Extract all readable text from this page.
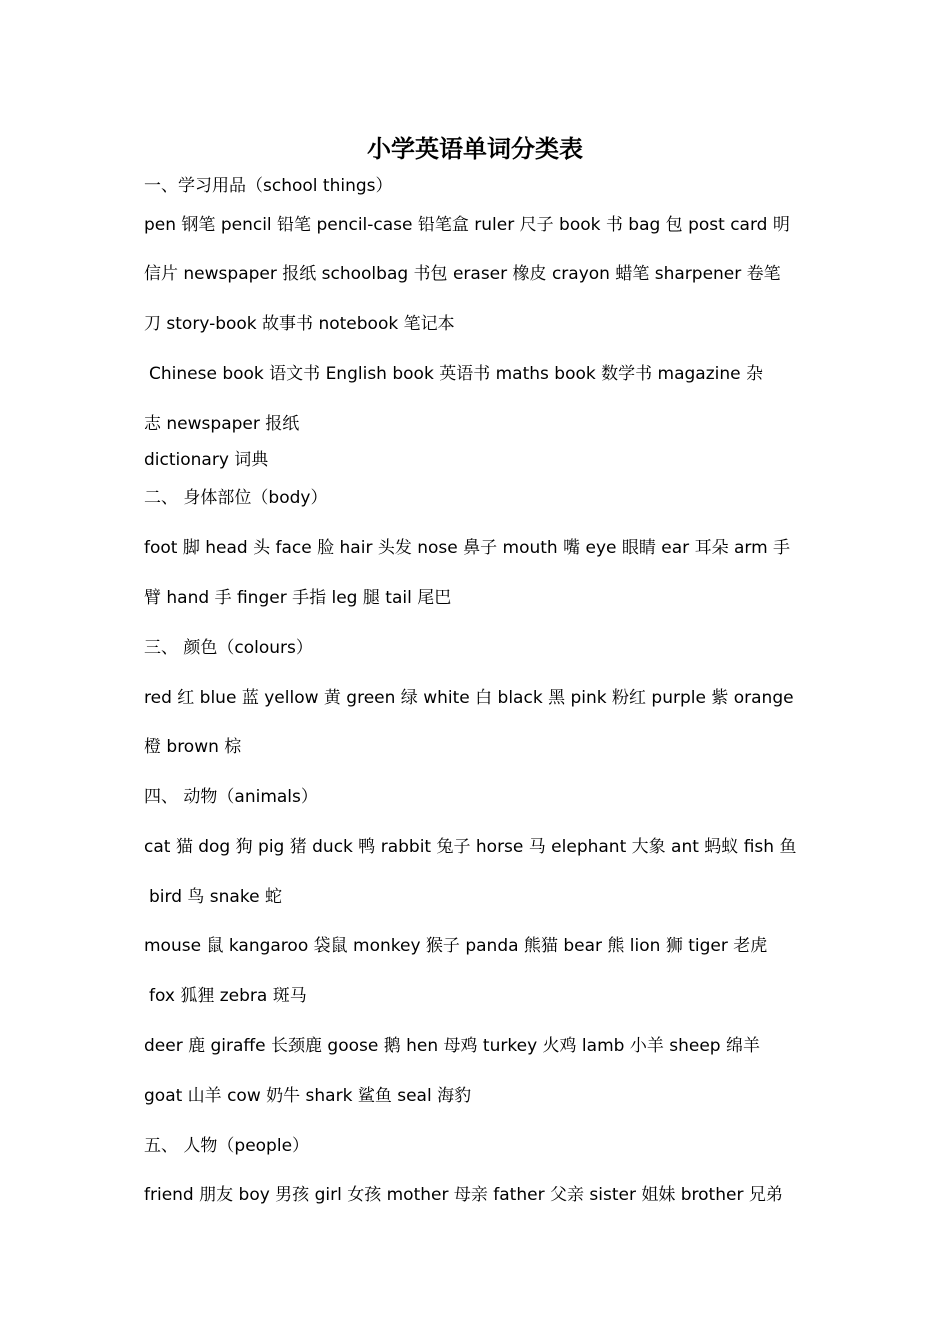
小学英语单词分类表
一、学习用品（school things）
pen 钢笔 pencil 铅笔 pencil-case 铅笔盒 ruler 尺子 book 书 bag 包 post card 明
信片 newspaper 报纸 schoolbag 书包 eraser 橡皮 crayon 蜡笔 sharpener 卷笔
刀 story-book 故事书 notebook 笔记本
Chinese book 语文书 English book 英语书 maths book 数学书 magazine 杂
志 newspaper 报纸
dictionary 词典
二、 身体部位（body）
foot 脚 head 头 face 脸 hair 头发 nose 鼻子 mouth 嘴 eye 眼睛 ear 耳朵 arm 手
臂 hand 手 finger 手指 leg 腿 tail 尾巴
三、 颜色（colours）
red 红 blue 蓝 yellow 黄 green 绿 white 白 black 黑 pink 粉红 purple 紫 orange
橙 brown 棕
四、 动物（animals）
cat 猫 dog 狗 pig 猪 duck 鸭 rabbit 兔子 horse 马 elephant 大象 ant 蚂蚁 fish 鱼
bird 鸟 snake 蛇
mouse 鼠 kangaroo 袋鼠 monkey 猴子 panda 熊猫 bear 熊 lion 狮 tiger 老虎
fox 狐狸 zebra 斑马
deer 鹿 giraffe 长颈鹿 goose 鹅 hen 母鸡 turkey 火鸡 lamb 小羊 sheep 绵羊
goat 山羊 cow 奶牛 shark 鲨鱼 seal 海豹
五、 人物（people）
friend 朋友 boy 男孩 girl 女孩 mother 母亲 father 父亲 sister 姐妹 brother 兄弟
